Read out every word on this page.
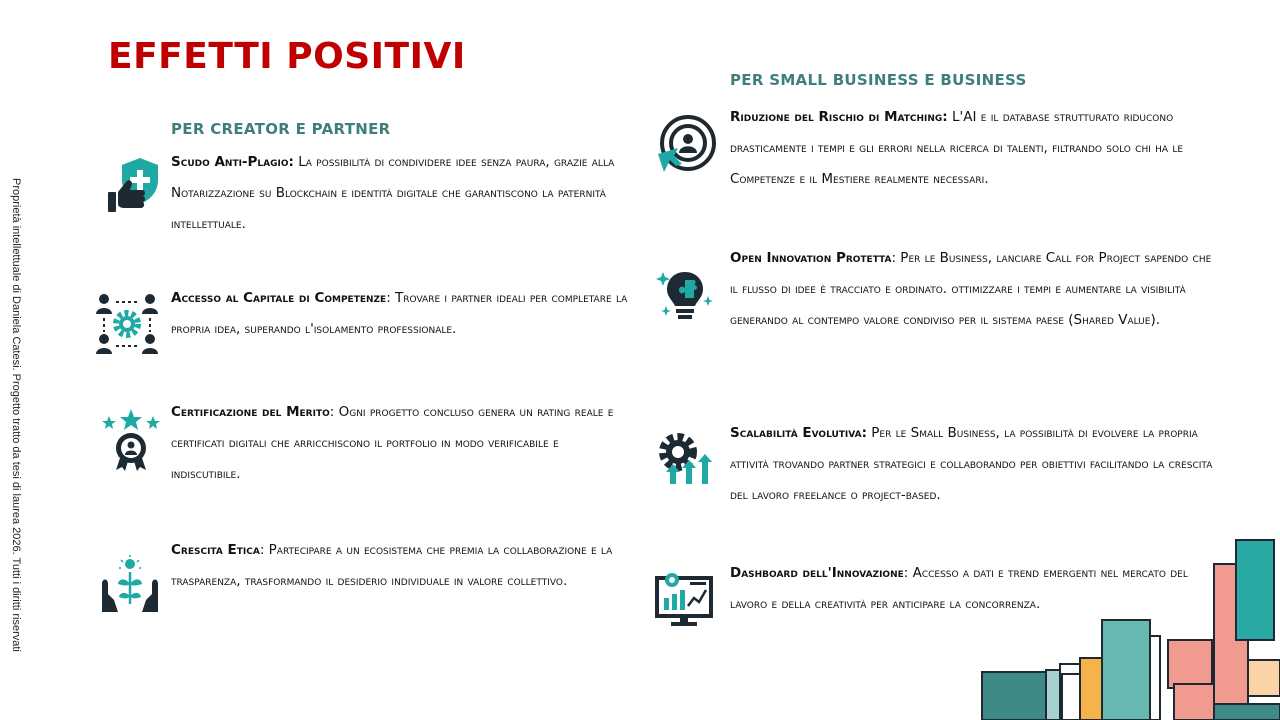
Proprietà intellettuale di Daniela Catesi. Progetto tratto da tesi di laurea 2026. Tutti i diritti riservati
EFFETTI POSITIVI
PER CREATOR E PARTNER

Scudo Anti-Plagio: La possibilità di condividere idee senza paura, grazie alla Notarizzazione su Blockchain e identità digitale che garantiscono la paternità intellettuale.

Accesso al Capitale di Competenze: Trovare i partner ideali per completare la propria idea, superando l'isolamento professionale.

Certificazione del Merito: Ogni progetto concluso genera un rating reale e certificati digitali che arricchiscono il portfolio in modo verificabile e indiscutibile.

Crescita Etica: Partecipare a un ecosistema che premia la collaborazione e la trasparenza, trasformando il desiderio individuale in valore collettivo.

PER SMALL BUSINESS E BUSINESS

Riduzione del Rischio di Matching: L'AI e il database strutturato riducono drasticamente i tempi e gli errori nella ricerca di talenti, filtrando solo chi ha le Competenze e il Mestiere realmente necessari.

Open Innovation Protetta: Per le Business, lanciare Call for Project sapendo che il flusso di idee è tracciato e ordinato. ottimizzare i tempi e aumentare la visibilità generando al contempo valore condiviso per il sistema paese (Shared Value).

Scalabilità Evolutiva: Per le Small Business, la possibilità di evolvere la propria attività trovando partner strategici e collaborando per obiettivi facilitando la crescita del lavoro freelance o project-based.

Dashboard dell'Innovazione: Accesso a dati e trend emergenti nel mercato del lavoro e della creatività per anticipare la concorrenza.
